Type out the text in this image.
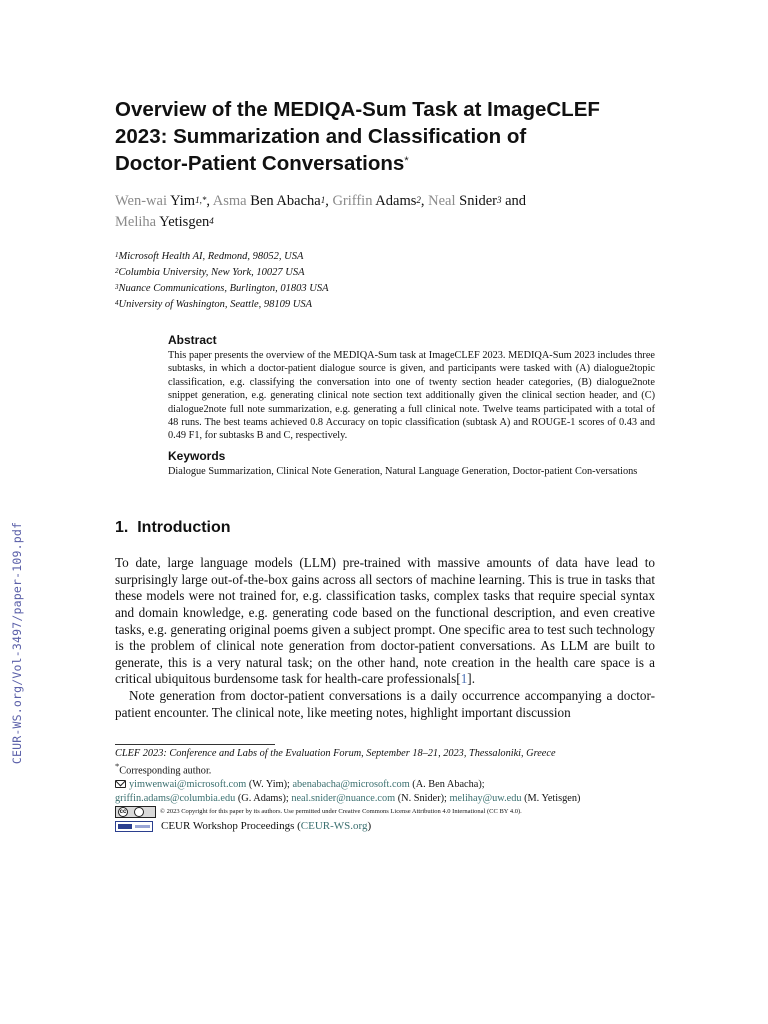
CEUR-WS.org/Vol-3497/paper-109.pdf
Overview of the MEDIQA-Sum Task at ImageCLEF
2023: Summarization and Classification of
Doctor-Patient Conversations*
Wen-wai Yim$^{1,*}$, Asma Ben Abacha$^1$, Griffin Adams$^2$, Neal Snider$^3$ and
Meliha Yetisgen$^4$
$^1$Microsoft Health AI, Redmond, 98052, USA
$^2$Columbia University, New York, 10027 USA
$^3$Nuance Communications, Burlington, 01803 USA
$^4$University of Washington, Seattle, 98109 USA
Abstract

This paper presents the overview of the MEDIQA-Sum task at ImageCLEF 2023. MEDIQA-Sum 2023 includes three subtasks, in which a doctor-patient dialogue source is given, and participants were tasked with (A) dialogue2topic classification, e.g. classifying the conversation into one of twenty section header categories, (B) dialogue2note snippet generation, e.g. generating clinical note section text additionally given the clinical section header, and (C) dialogue2note full note summarization, e.g. generating a full clinical note. Twelve teams participated with a total of 48 runs. The best teams achieved 0.8 Accuracy on topic classification (subtask A) and ROUGE-1 scores of 0.43 and 0.49 F1, for subtasks B and C, respectively.

Keywords

Dialogue Summarization, Clinical Note Generation, Natural Language Generation, Doctor-patient Con-versations

1. Introduction

To date, large language models (LLM) pre-trained with massive amounts of data have lead to surprisingly large out-of-the-box gains across all sectors of machine learning. This is true in tasks that these models were not trained for, e.g. classification tasks, complex tasks that require special syntax and domain knowledge, e.g. generating code based on the functional description, and even creative tasks, e.g. generating original poems given a subject prompt. One specific area to test such technology is the problem of clinical note generation from doctor-patient conversations. As LLM are built to generate, this is a very natural task; on the other hand, note creation in the health care space is a critical ubiquitous burdensome task for health-care professionals[1].

Note generation from doctor-patient conversations is a daily occurrence accompanying a doctor-patient encounter. The clinical note, like meeting notes, highlight important discussion

CLEF 2023: Conference and Labs of the Evaluation Forum, September 18–21, 2023, Thessaloniki, Greece
*Corresponding author.
yimwenwai@microsoft.com (W. Yim); abenabacha@microsoft.com (A. Ben Abacha);
griffin.adams@columbia.edu (G. Adams); neal.snider@nuance.com (N. Snider); melihay@uw.edu (M. Yetisgen)
cc	© 2023 Copyright for this paper by its authors. Use permitted under Creative Commons License Attribution 4.0 International (CC BY 4.0).
CEUR Workshop Proceedings ( CEUR-WS.org )
